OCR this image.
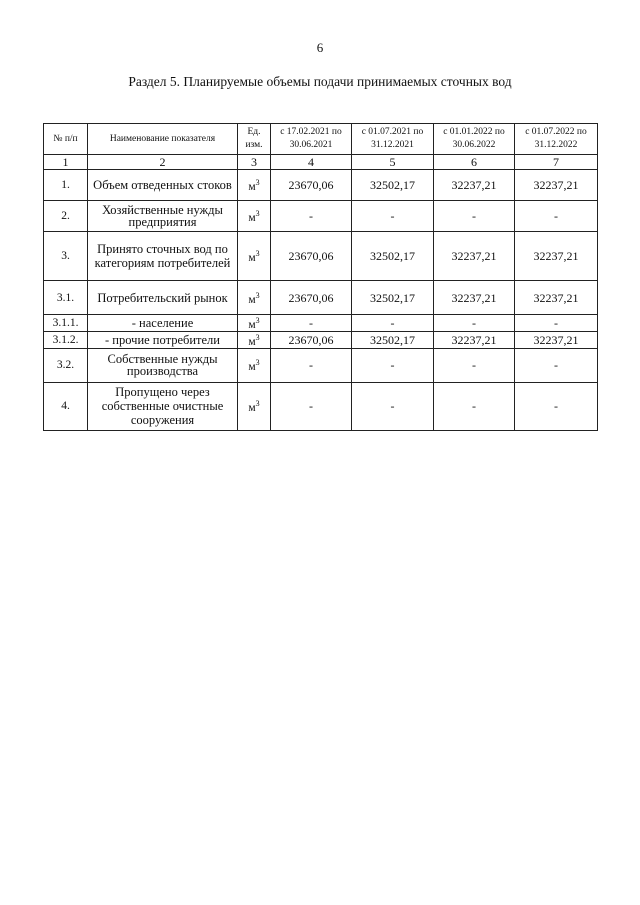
6
Раздел 5. Планируемые объемы подачи принимаемых сточных вод
№ п/п	Наименование показателя	Ед. изм.	с 17.02.2021 по 30.06.2021	с 01.07.2021 по 31.12.2021	с 01.01.2022 по 30.06.2022	с 01.07.2022 по 31.12.2022
1	2	3	4	5	6	7
1.	Объем отведенных стоков	$м^3$	23670,06	32502,17	32237,21	32237,21
2.	Хозяйственные нужды предприятия	$м^3$	-	-	-	-
3.	Принято сточных вод по категориям потребителей	$м^3$	23670,06	32502,17	32237,21	32237,21
3.1.	Потребительский рынок	$м^3$	23670,06	32502,17	32237,21	32237,21
3.1.1.	- население	$м^3$	-	-	-	-
3.1.2.	- прочие потребители	$м^3$	23670,06	32502,17	32237,21	32237,21
3.2.	Собственные нужды производства	$м^3$	-	-	-	-
4.	Пропущено через собственные очистные сооружения	$м^3$	-	-	-	-
